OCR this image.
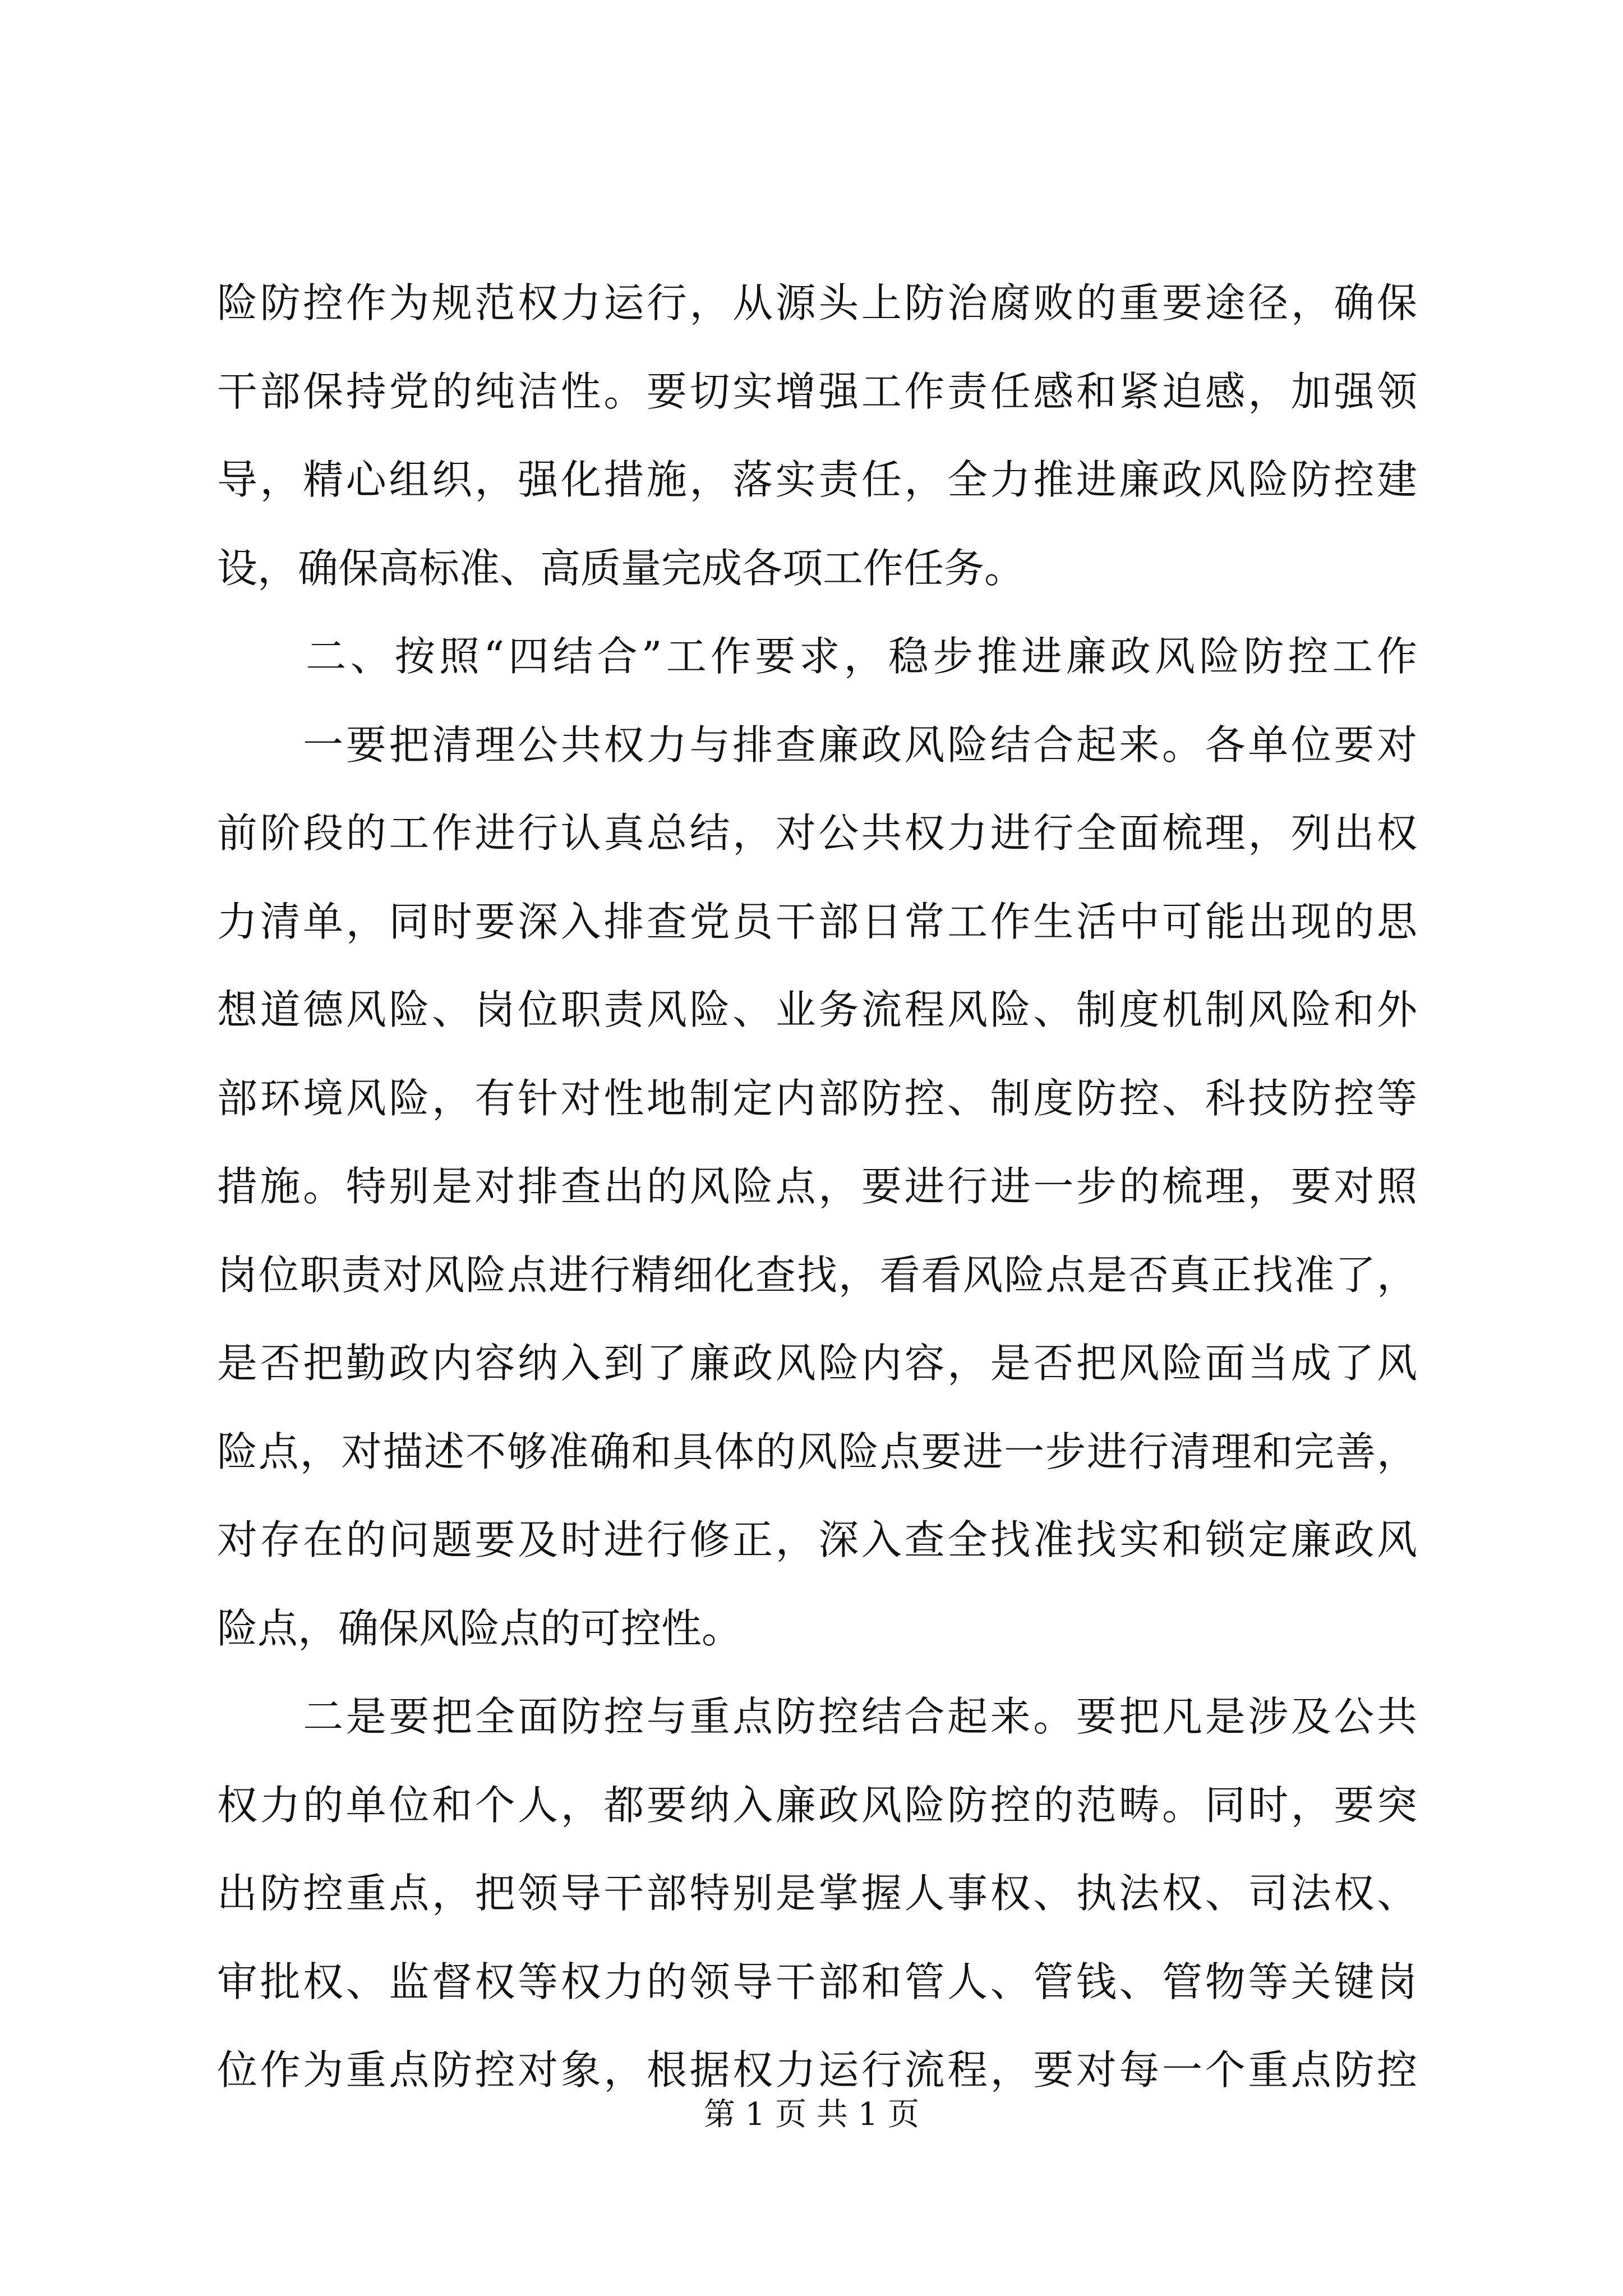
险防控作为规范权力运行，从源头上防治腐败的重要途径，确保
干部保持党的纯洁性。要切实增强工作责任感和紧迫感，加强领
导，精心组织，强化措施，落实责任，全力推进廉政风险防控建
设，确保高标准、高质量完成各项工作任务。
　　二、按照“四结合”工作要求，稳步推进廉政风险防控工作
　　一要把清理公共权力与排查廉政风险结合起来。各单位要对
前阶段的工作进行认真总结，对公共权力进行全面梳理，列出权
力清单，同时要深入排查党员干部日常工作生活中可能出现的思
想道德风险、岗位职责风险、业务流程风险、制度机制风险和外
部环境风险，有针对性地制定内部防控、制度防控、科技防控等
措施。特别是对排查出的风险点，要进行进一步的梳理，要对照
岗位职责对风险点进行精细化查找，看看风险点是否真正找准了，
是否把勤政内容纳入到了廉政风险内容，是否把风险面当成了风
险点，对描述不够准确和具体的风险点要进一步进行清理和完善，
对存在的问题要及时进行修正，深入查全找准找实和锁定廉政风
险点，确保风险点的可控性。
　　二是要把全面防控与重点防控结合起来。要把凡是涉及公共
权力的单位和个人，都要纳入廉政风险防控的范畴。同时，要突
出防控重点，把领导干部特别是掌握人事权、执法权、司法权、
审批权、监督权等权力的领导干部和管人、管钱、管物等关键岗
位作为重点防控对象，根据权力运行流程，要对每一个重点防控
第 1 页 共 1 页
